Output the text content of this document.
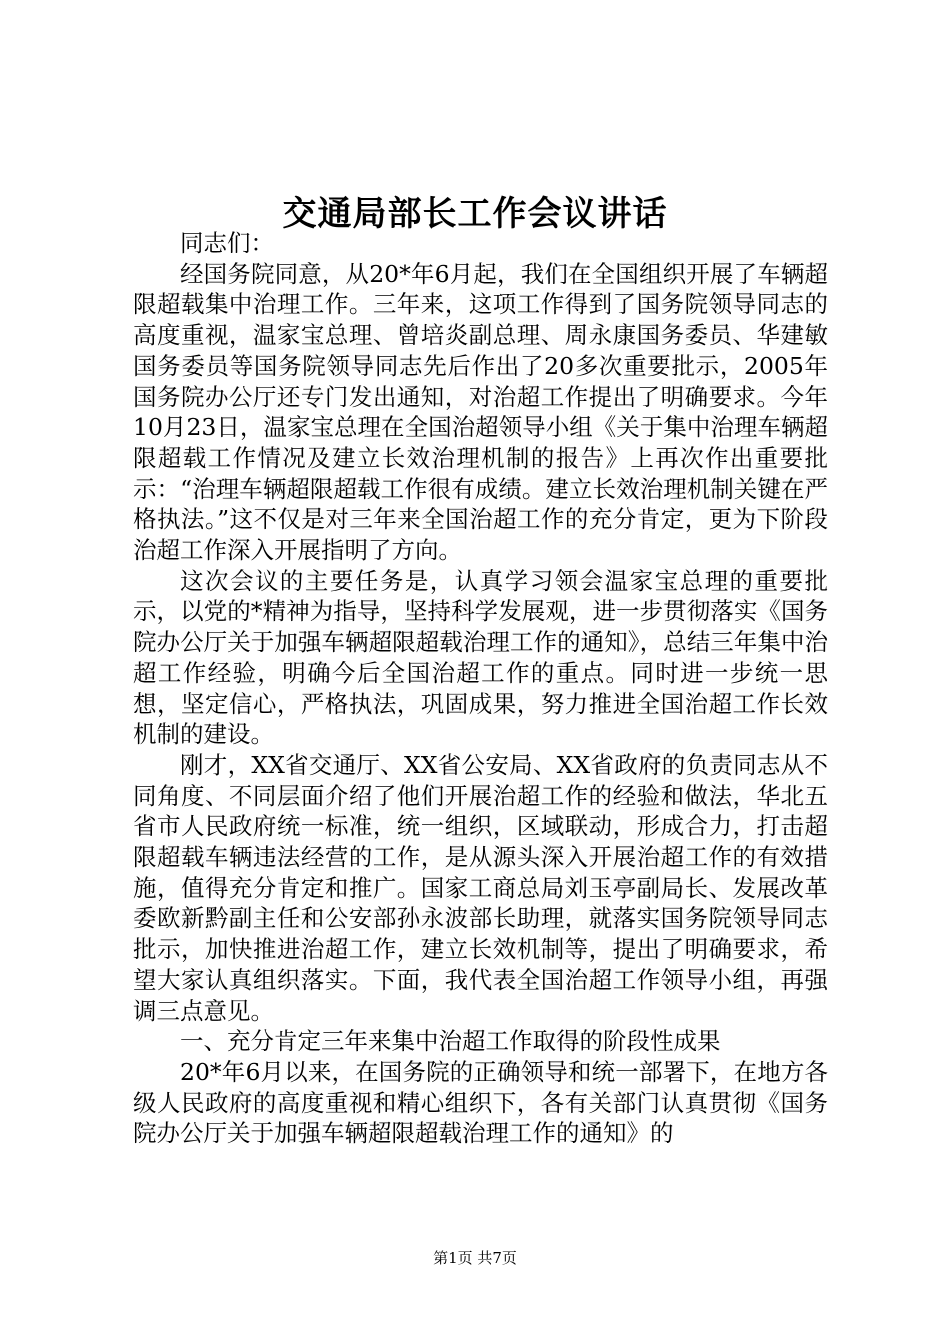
交通局部长工作会议讲话

同志们：

经国务院同意，从20*年6月起，我们在全国组织开展了车辆超限超载集中治理工作。三年来，这项工作得到了国务院领导同志的高度重视，温家宝总理、曾培炎副总理、周永康国务委员、华建敏国务委员等国务院领导同志先后作出了20多次重要批示，2005年国务院办公厅还专门发出通知，对治超工作提出了明确要求。今年10月23日，温家宝总理在全国治超领导小组《关于集中治理车辆超限超载工作情况及建立长效治理机制的报告》上再次作出重要批示：“治理车辆超限超载工作很有成绩。建立长效治理机制关键在严格执法。”这不仅是对三年来全国治超工作的充分肯定，更为下阶段治超工作深入开展指明了方向。

这次会议的主要任务是，认真学习领会温家宝总理的重要批示，以党的*精神为指导，坚持科学发展观，进一步贯彻落实《国务院办公厅关于加强车辆超限超载治理工作的通知》，总结三年集中治超工作经验，明确今后全国治超工作的重点。同时进一步统一思想，坚定信心，严格执法，巩固成果，努力推进全国治超工作长效机制的建设。

刚才，XX省交通厅、XX省公安局、XX省政府的负责同志从不同角度、不同层面介绍了他们开展治超工作的经验和做法，华北五省市人民政府统一标准，统一组织，区域联动，形成合力，打击超限超载车辆违法经营的工作，是从源头深入开展治超工作的有效措施，值得充分肯定和推广。国家工商总局刘玉亭副局长、发展改革委欧新黔副主任和公安部孙永波部长助理，就落实国务院领导同志批示，加快推进治超工作，建立长效机制等，提出了明确要求，希望大家认真组织落实。下面，我代表全国治超工作领导小组，再强调三点意见。

一、充分肯定三年来集中治超工作取得的阶段性成果

20*年6月以来，在国务院的正确领导和统一部署下，在地方各级人民政府的高度重视和精心组织下，各有关部门认真贯彻《国务院办公厅关于加强车辆超限超载治理工作的通知》的

第1页 共7页
